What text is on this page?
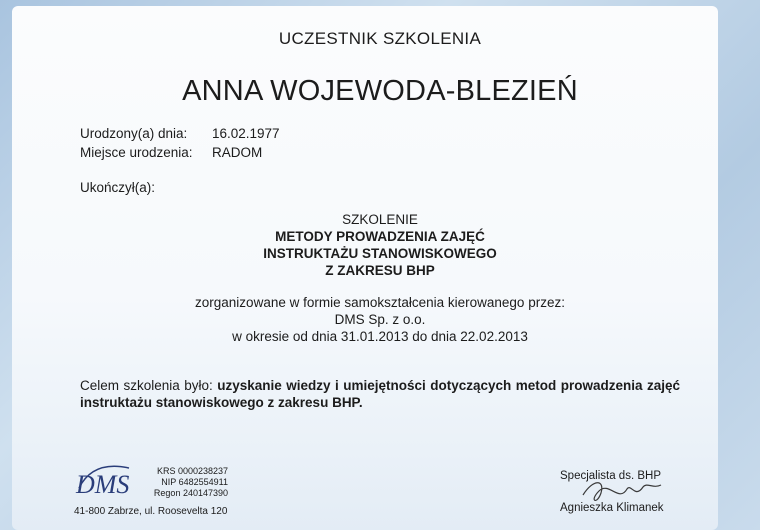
UCZESTNIK SZKOLENIA
ANNA WOJEWODA-BLEZIEŃ
Urodzony(a) dnia: 16.02.1977
Miejsce urodzenia: RADOM
Ukończył(a):
SZKOLENIE
METODY PROWADZENIA ZAJĘĆ
INSTRUKTAŻU STANOWISKOWEGO
Z ZAKRESU BHP
zorganizowane w formie samokształcenia kierowanego przez:
DMS Sp. z o.o.
w okresie od dnia 31.01.2013 do dnia 22.02.2013
Celem szkolenia było: uzyskanie wiedzy i umiejętności dotyczących metod prowadzenia zajęć instruktażu stanowiskowego z zakresu BHP.
DMS	KRS 0000238237
NIP 6482554911
Regon 240147390
41-800 Zabrze, ul. Roosevelta 120
Specjalista ds. BHP
Agnieszka Klimanek
